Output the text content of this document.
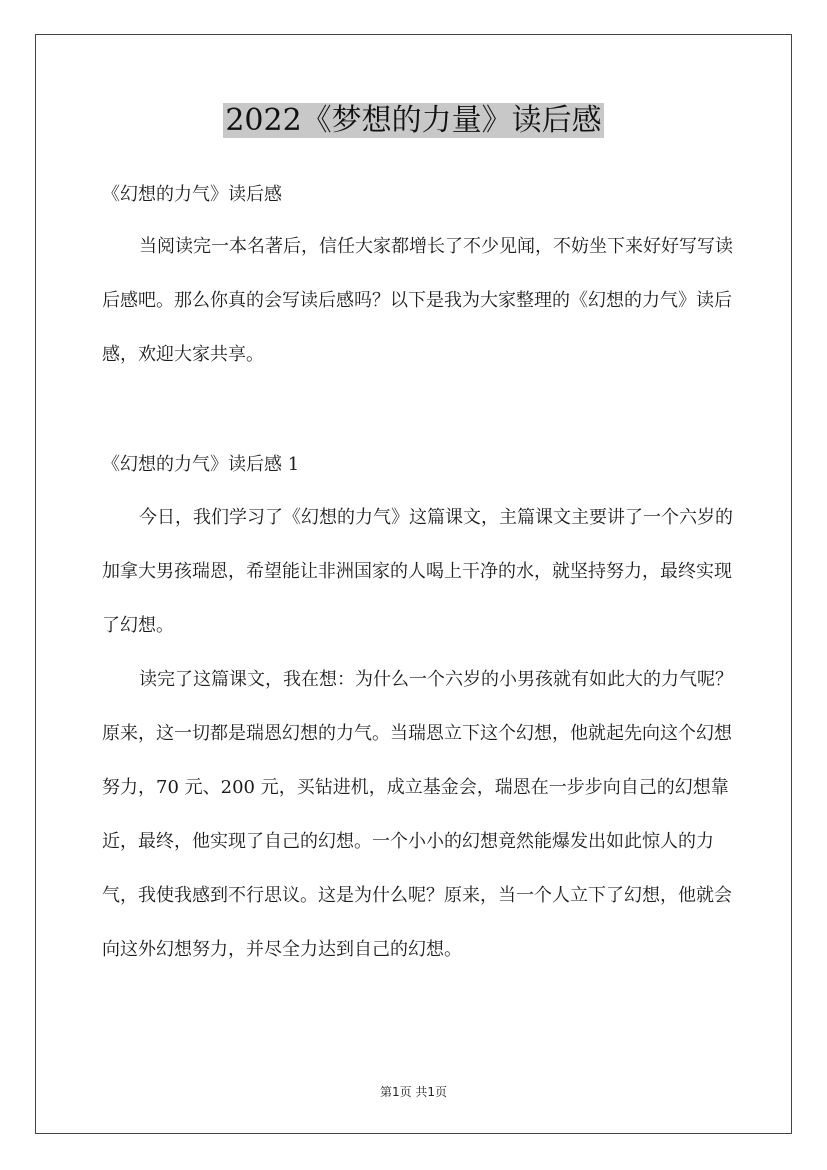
2022《梦想的力量》读后感
《幻想的力气》读后感
当阅读完一本名著后，信任大家都增长了不少见闻，不妨坐下来好好写写读后感吧。那么你真的会写读后感吗？以下是我为大家整理的《幻想的力气》读后感，欢迎大家共享。
《幻想的力气》读后感 1
今日，我们学习了《幻想的力气》这篇课文，主篇课文主要讲了一个六岁的加拿大男孩瑞恩，希望能让非洲国家的人喝上干净的水，就坚持努力，最终实现了幻想。
读完了这篇课文，我在想：为什么一个六岁的小男孩就有如此大的力气呢？原来，这一切都是瑞恩幻想的力气。当瑞恩立下这个幻想，他就起先向这个幻想努力，70 元、200 元，买钻进机，成立基金会，瑞恩在一步步向自己的幻想靠近，最终，他实现了自己的幻想。一个小小的幻想竟然能爆发出如此惊人的力气，我使我感到不行思议。这是为什么呢？原来，当一个人立下了幻想，他就会向这外幻想努力，并尽全力达到自己的幻想。
第1页 共1页
